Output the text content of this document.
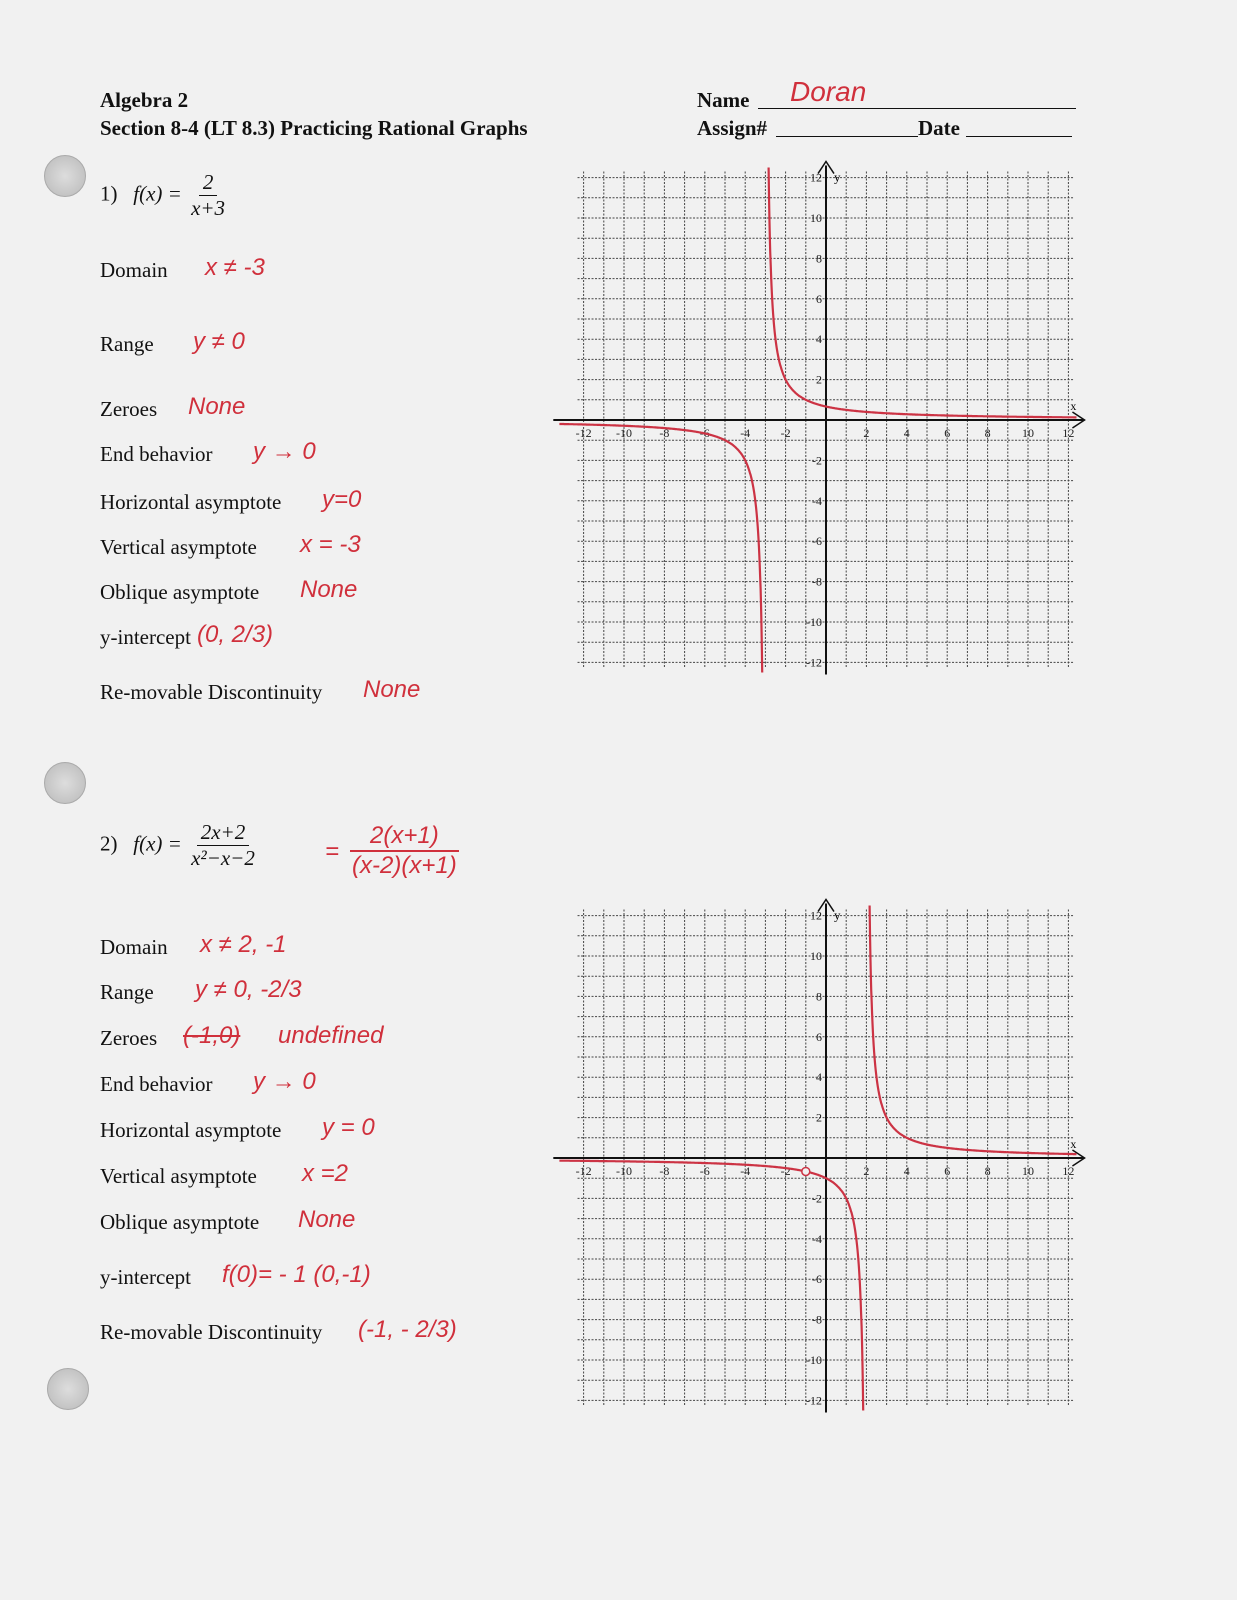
Algebra 2
Section 8-4 (LT 8.3) Practicing Rational Graphs
Name Doran
Assign#	Date
1) $f(x) = \frac{2}{x+3}$
Domain x ≠ -3
Range y ≠ 0
Zeroes None
End behavior y → 0
Horizontal asymptote y=0
Vertical asymptote x = -3
Oblique asymptote None
y-intercept (0, 2/3)
Re-movable Discontinuity None
2) $f(x) = \frac{2x+2}{\text{x²−x−2}}$	= $\frac{2(x+1)}{(x-2)(x+1)}$
Domain x ≠ 2, -1
Range y ≠ 0, -2/3
Zeroes (-1,0) undefined
End behavior y → 0
Horizontal asymptote y = 0
Vertical asymptote x =2
Oblique asymptote None
y-intercept f(0)= - 1 (0,-1)
Re-movable Discontinuity (-1, - 2/3)
x
y
-12 -10 -8	-6	-4	-2	2	4	6	8	10 12
12
10
8
6
4
2
-2
-4
-6
-8
-10
-12
x
y
-12 -10 -8	-6	-4	-2	2	4	6	8	10 12
12
10
8
6
4
2
-2
-4
-6
-8
-10
-12
